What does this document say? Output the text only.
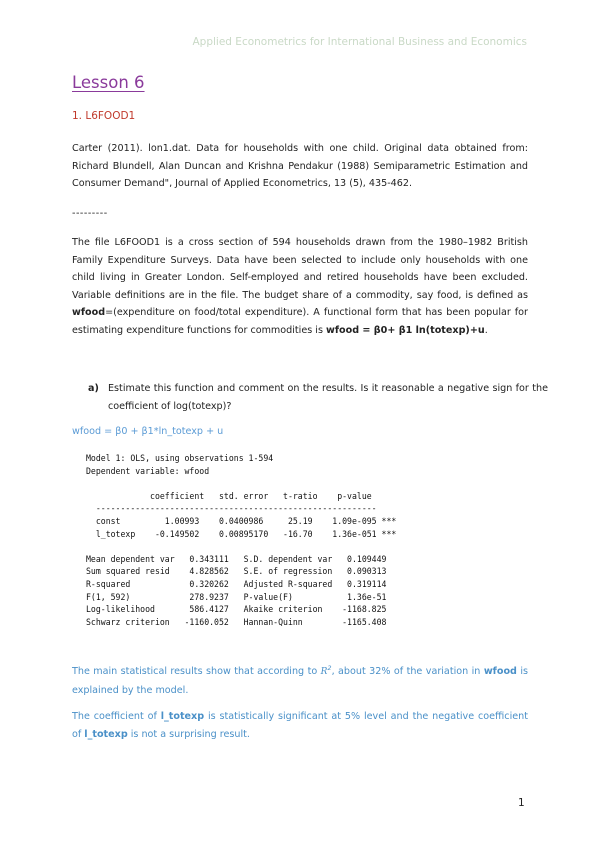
Applied Econometrics for International Business and Economics
Lesson 6
1. L6FOOD1

Carter (2011). lon1.dat. Data for households with one child. Original data obtained from: Richard Blundell, Alan Duncan and Krishna Pendakur (1988) Semiparametric Estimation and Consumer Demand", Journal of Applied Econometrics, 13 (5), 435-462.

---------

The file L6FOOD1 is a cross section of 594 households drawn from the 1980–1982 British Family Expenditure Surveys. Data have been selected to include only households with one child living in Greater London. Self-employed and retired households have been excluded. Variable definitions are in the file. The budget share of a commodity, say food, is defined as wfood=(expenditure on food/total expenditure). A functional form that has been popular for estimating expenditure functions for commodities is wfood = β0+ β1 ln(totexp)+u.

a) Estimate this function and comment on the results. Is it reasonable a negative sign for the coefficient of log(totexp)?

wfood = β0 + β1*ln_totexp + u
Model 1: OLS, using observations 1-594
Dependent variable: wfood

coefficient   std. error   t-ratio    p-value
---------------------------------------------------------
const         1.00993    0.0400986     25.19    1.09e-095 ***
l_totexp    -0.149502    0.00895170   -16.70    1.36e-051 ***

Mean dependent var   0.343111   S.D. dependent var   0.109449
Sum squared resid    4.828562   S.E. of regression   0.090313
R-squared            0.320262   Adjusted R-squared   0.319114
F(1, 592)            278.9237   P-value(F)           1.36e-51
Log-likelihood       586.4127   Akaike criterion    -1168.825
Schwarz criterion   -1160.052   Hannan-Quinn        -1165.408

The main statistical results show that according to $R^2$, about 32% of the variation in wfood is explained by the model.

The coefficient of l_totexp is statistically significant at 5% level and the negative coefficient of l_totexp is not a surprising result.

1
